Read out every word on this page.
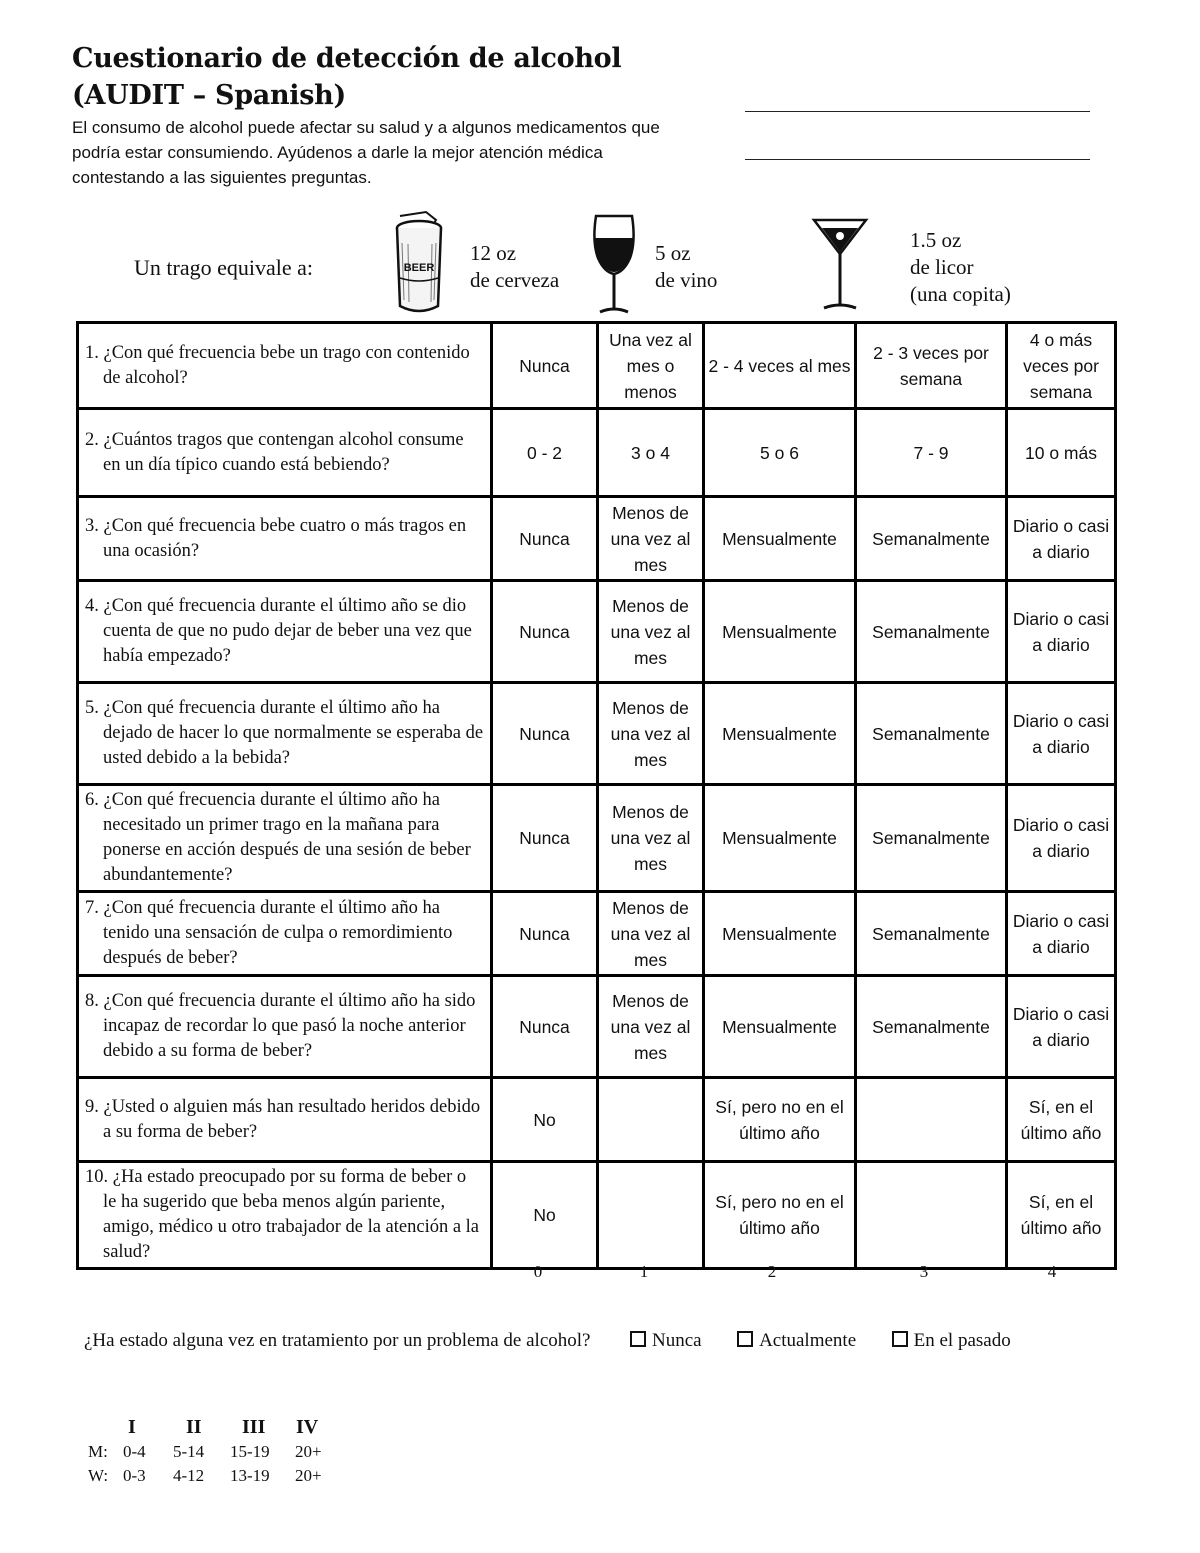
Cuestionario de detección de alcohol
(AUDIT – Spanish)
El consumo de alcohol puede afectar su salud y a algunos medicamentos que podría estar consumiendo. Ayúdenos a darle la mejor atención médica contestando a las siguientes preguntas.
Un trago equivale a:	BEER
12 oz
de cerveza
5 oz
de vino
1.5 oz
de licor
(una copita)
1. ¿Con qué frecuencia bebe un trago con contenido de alcohol?	Nunca	Una vez al mes o menos	2 - 4 veces al mes	2 - 3 veces por semana	4 o más veces por semana

2. ¿Cuántos tragos que contengan alcohol consume en un día típico cuando está bebiendo?	0 - 2	3 o 4	5 o 6	7 - 9	10 o más

3. ¿Con qué frecuencia bebe cuatro o más tragos en una ocasión?	Nunca	Menos de una vez al mes	Mensualmente	Semanalmente	Diario o casi a diario

4. ¿Con qué frecuencia durante el último año se dio cuenta de que no pudo dejar de beber una vez que había empezado?	Nunca	Menos de una vez al mes	Mensualmente	Semanalmente	Diario o casi a diario

5. ¿Con qué frecuencia durante el último año ha dejado de hacer lo que normalmente se esperaba de usted debido a la bebida?	Nunca	Menos de una vez al mes	Mensualmente	Semanalmente	Diario o casi a diario

6. ¿Con qué frecuencia durante el último año ha necesitado un primer trago en la mañana para ponerse en acción después de una sesión de beber abundantemente?	Nunca	Menos de una vez al mes	Mensualmente	Semanalmente	Diario o casi a diario

7. ¿Con qué frecuencia durante el último año ha tenido una sensación de culpa o remordimiento después de beber?	Nunca	Menos de una vez al mes	Mensualmente	Semanalmente	Diario o casi a diario

8. ¿Con qué frecuencia durante el último año ha sido incapaz de recordar lo que pasó la noche anterior debido a su forma de beber?	Nunca	Menos de una vez al mes	Mensualmente	Semanalmente	Diario o casi a diario

9. ¿Usted o alguien más han resultado heridos debido a su forma de beber?	No		Sí, pero no en el último año		Sí, en el último año

10. ¿Ha estado preocupado por su forma de beber o le ha sugerido que beba menos algún pariente, amigo, médico u otro trabajador de la atención a la salud?	No		Sí, pero no en el último año		Sí, en el último año
0	1	2	3	4
¿Ha estado alguna vez en tratamiento por un problema de alcohol?	Nunca	Actualmente	En el pasado
I	II III IV
M: 0-4 5-14 15-19 20+
W: 0-3 4-12 13-19 20+
